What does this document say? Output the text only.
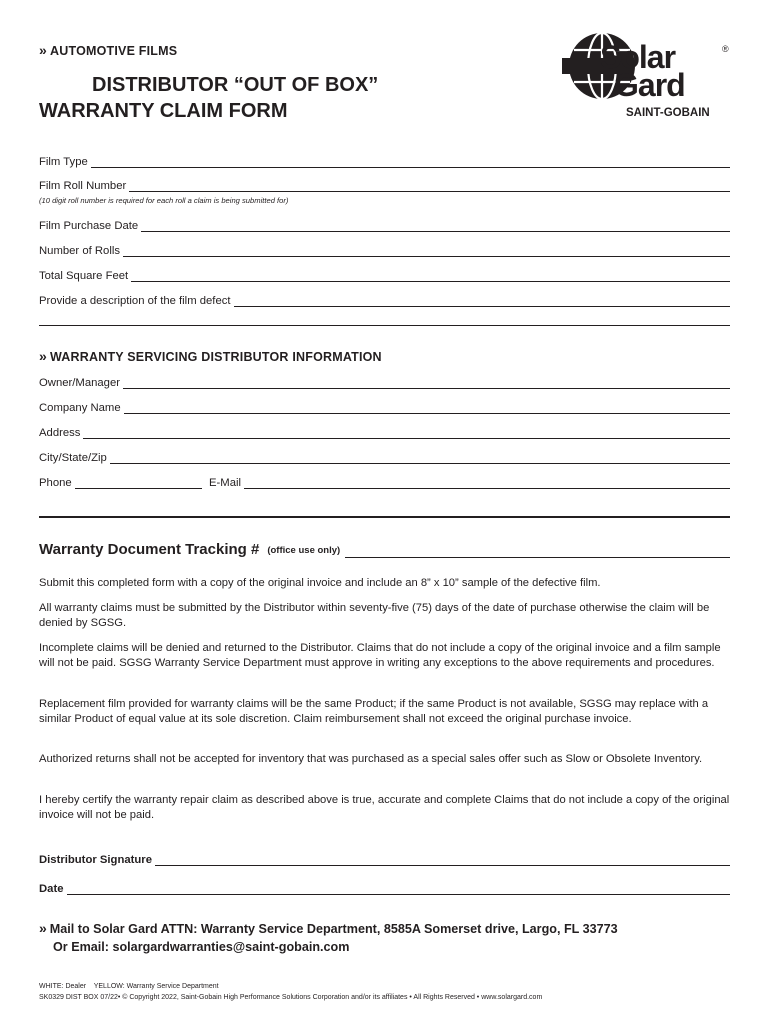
» AUTOMOTIVE FILMS
DISTRIBUTOR “OUT OF BOX”
WARRANTY CLAIM FORM
Solar
Gard
®
SAINT-GOBAIN
Film Type
Film Roll Number
(10 digit roll number is required for each roll a claim is being submitted for)
Film Purchase Date
Number of Rolls
Total Square Feet
Provide a description of the film defect
» WARRANTY SERVICING DISTRIBUTOR INFORMATION
Owner/Manager
Company Name
Address
City/State/Zip
Phone	E-Mail
Warranty Document Tracking # (office use only)
Submit this completed form with a copy of the original invoice and include an 8” x 10” sample of the defective film.
All warranty claims must be submitted by the Distributor within seventy-five (75) days of the date of purchase otherwise the claim will be denied by SGSG.
Incomplete claims will be denied and returned to the Distributor. Claims that do not include a copy of the original invoice and a film sample will not be paid. SGSG Warranty Service Department must approve in writing any exceptions to the above requirements and procedures.
Replacement film provided for warranty claims will be the same Product; if the same Product is not available, SGSG may replace with a similar Product of equal value at its sole discretion. Claim reimbursement shall not exceed the original purchase invoice.
Authorized returns shall not be accepted for inventory that was purchased as a special sales offer such as Slow or Obsolete Inventory.
I hereby certify the warranty repair claim as described above is true, accurate and complete Claims that do not include a copy of the original invoice will not be paid.
Distributor Signature
Date
» Mail to Solar Gard ATTN: Warranty Service Department, 8585A Somerset drive, Largo, FL 33773
Or Email: solargardwarranties@saint-gobain.com
WHITE: Dealer    YELLOW: Warranty Service Department
SK0329 DIST BOX 07/22• © Copyright 2022, Saint-Gobain High Performance Solutions Corporation and/or its affiliates • All Rights Reserved • www.solargard.com
